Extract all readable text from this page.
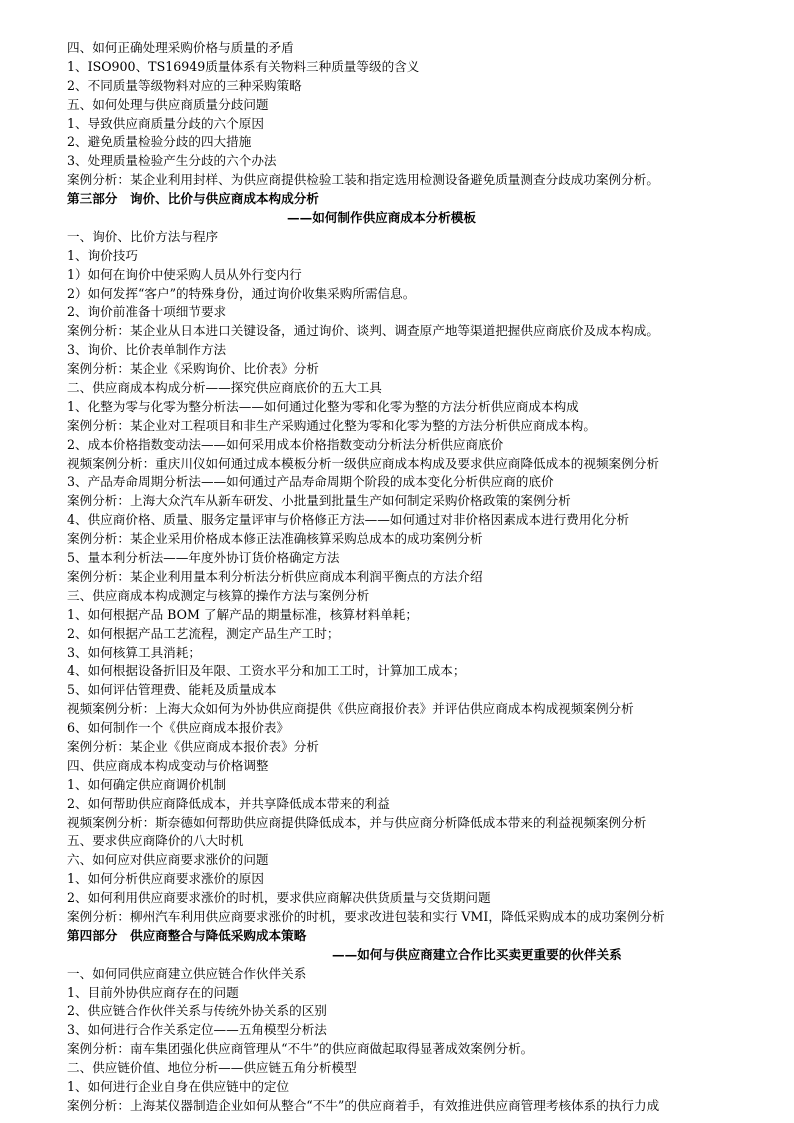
四、如何正确处理采购价格与质量的矛盾
1、ISO900、TS16949质量体系有关物料三种质量等级的含义
2、不同质量等级物料对应的三种采购策略
五、如何处理与供应商质量分歧问题
1、导致供应商质量分歧的六个原因
2、避免质量检验分歧的四大措施
3、处理质量检验产生分歧的六个办法
案例分析：某企业利用封样、为供应商提供检验工装和指定选用检测设备避免质量测查分歧成功案例分析。
第三部分　询价、比价与供应商成本构成分析
——如何制作供应商成本分析模板
一、询价、比价方法与程序
1、询价技巧
1）如何在询价中使采购人员从外行变内行
2）如何发挥“客户”的特殊身份，通过询价收集采购所需信息。
2、询价前准备十项细节要求
案例分析：某企业从日本进口关键设备，通过询价、谈判、调查原产地等渠道把握供应商底价及成本构成。
3、询价、比价表单制作方法
案例分析：某企业《采购询价、比价表》分析
二、供应商成本构成分析——探究供应商底价的五大工具
1、化整为零与化零为整分析法——如何通过化整为零和化零为整的方法分析供应商成本构成
案例分析：某企业对工程项目和非生产采购通过化整为零和化零为整的方法分析供应商成本构。
2、成本价格指数变动法——如何采用成本价格指数变动分析法分析供应商底价
视频案例分析：重庆川仪如何通过成本模板分析一级供应商成本构成及要求供应商降低成本的视频案例分析
3、产品寿命周期分析法——如何通过产品寿命周期个阶段的成本变化分析供应商的底价
案例分析：上海大众汽车从新车研发、小批量到批量生产如何制定采购价格政策的案例分析
4、供应商价格、质量、服务定量评审与价格修正方法——如何通过对非价格因素成本进行费用化分析
案例分析：某企业采用价格成本修正法准确核算采购总成本的成功案例分析
5、量本利分析法——年度外协订货价格确定方法
案例分析：某企业利用量本利分析法分析供应商成本利润平衡点的方法介绍
三、供应商成本构成测定与核算的操作方法与案例分析
1、如何根据产品 BOM 了解产品的期量标准，核算材料单耗；
2、如何根据产品工艺流程，测定产品生产工时；
3、如何核算工具消耗；
4、如何根据设备折旧及年限、工资水平分和加工工时，计算加工成本；
5、如何评估管理费、能耗及质量成本
视频案例分析：上海大众如何为外协供应商提供《供应商报价表》并评估供应商成本构成视频案例分析
6、如何制作一个《供应商成本报价表》
案例分析：某企业《供应商成本报价表》分析
四、供应商成本构成变动与价格调整
1、如何确定供应商调价机制
2、如何帮助供应商降低成本，并共享降低成本带来的利益
视频案例分析：斯奈德如何帮助供应商提供降低成本，并与供应商分析降低成本带来的利益视频案例分析
五、要求供应商降价的八大时机
六、如何应对供应商要求涨价的问题
1、如何分析供应商要求涨价的原因
2、如何利用供应商要求涨价的时机，要求供应商解决供货质量与交货期问题
案例分析：柳州汽车利用供应商要求涨价的时机，要求改进包装和实行 VMI，降低采购成本的成功案例分析
第四部分　供应商整合与降低采购成本策略
——如何与供应商建立合作比买卖更重要的伙伴关系
一、如何同供应商建立供应链合作伙伴关系
1、目前外协供应商存在的问题
2、供应链合作伙伴关系与传统外协关系的区别
3、如何进行合作关系定位——五角模型分析法
案例分析：南车集团强化供应商管理从“不牛”的供应商做起取得显著成效案例分析。
二、供应链价值、地位分析——供应链五角分析模型
1、如何进行企业自身在供应链中的定位
案例分析：上海某仪器制造企业如何从整合“不牛”的供应商着手，有效推进供应商管理考核体系的执行力成
